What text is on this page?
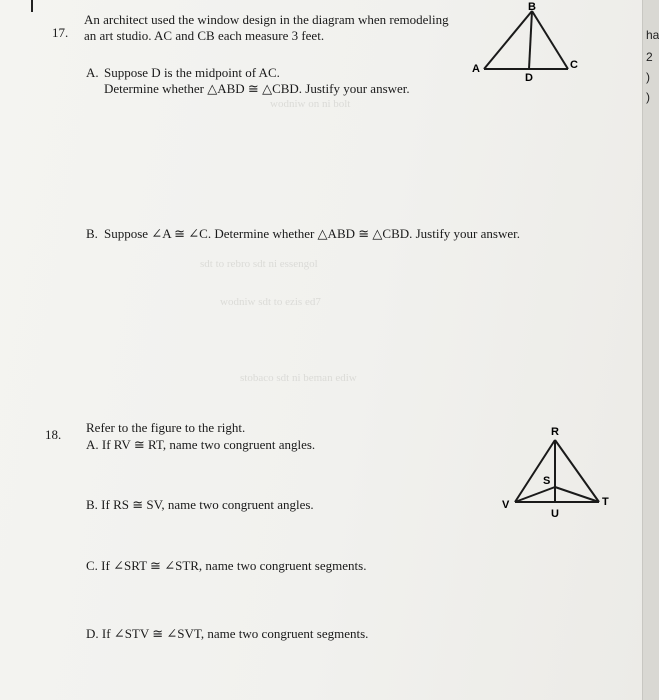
wodniw on ni bolt
sdt to rebro sdt ni essengol
wodniw sdt to ezis ed7
stobaco sdt ni beman ediw
17.
An architect used the window design in the diagram when remodeling
an art studio. AC and CB each measure 3 feet.
A. Suppose D is the midpoint of AC.
Determine whether △ABD ≅ △CBD. Justify your answer.
B
A	C
D
B. Suppose ∠A ≅ ∠C. Determine whether △ABD ≅ △CBD. Justify your answer.
18. Refer to the figure to the right.
A. If RV ≅ RT, name two congruent angles.
B. If RS ≅ SV, name two congruent angles.
C. If ∠SRT ≅ ∠STR, name two congruent segments.
D. If ∠STV ≅ ∠SVT, name two congruent segments.
R
S
V	T
U
ha
2
)
)
